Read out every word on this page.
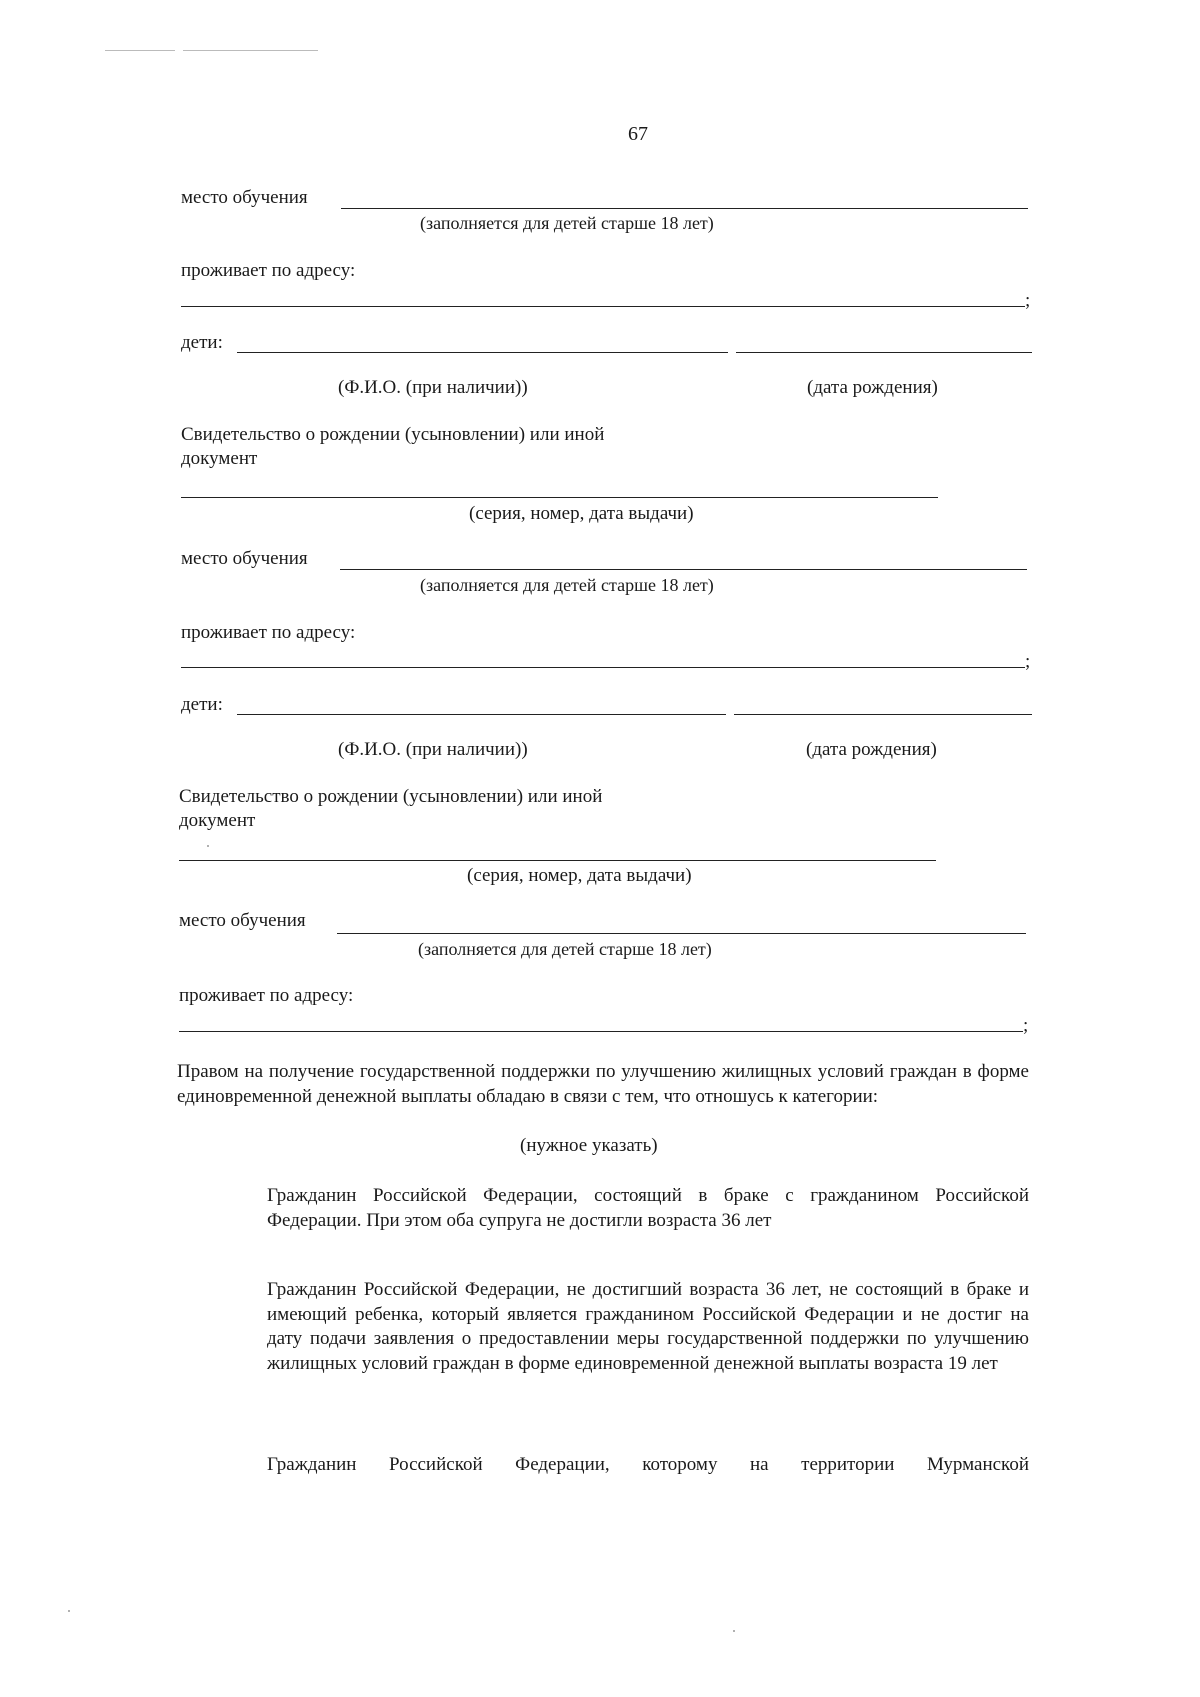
67
место обучения
(заполняется для детей старше 18 лет)
проживает по адресу:
;
дети:
(Ф.И.О. (при наличии))	(дата рождения)
Свидетельство о рождении (усыновлении) или иной
документ
(серия, номер, дата выдачи)
место обучения
(заполняется для детей старше 18 лет)
проживает по адресу:
;
дети:
(Ф.И.О. (при наличии))	(дата рождения)
Свидетельство о рождении (усыновлении) или иной
документ
(серия, номер, дата выдачи)
место обучения
(заполняется для детей старше 18 лет)
проживает по адресу:
;
Правом на получение государственной поддержки по улучшению жилищных условий граждан в форме единовременной денежной выплаты обладаю в связи с тем, что отношусь к категории:
(нужное указать)
Гражданин Российской Федерации, состоящий в браке с гражданином Российской Федерации. При этом оба супруга не достигли возраста 36 лет
Гражданин Российской Федерации, не достигший возраста 36 лет, не состоящий в браке и имеющий ребенка, который является гражданином Российской Федерации и не достиг на дату подачи заявления о предоставлении меры государственной поддержки по улучшению жилищных условий граждан в форме единовременной денежной выплаты возраста 19 лет
Гражданин Российской Федерации, которому на территории Мурманской
